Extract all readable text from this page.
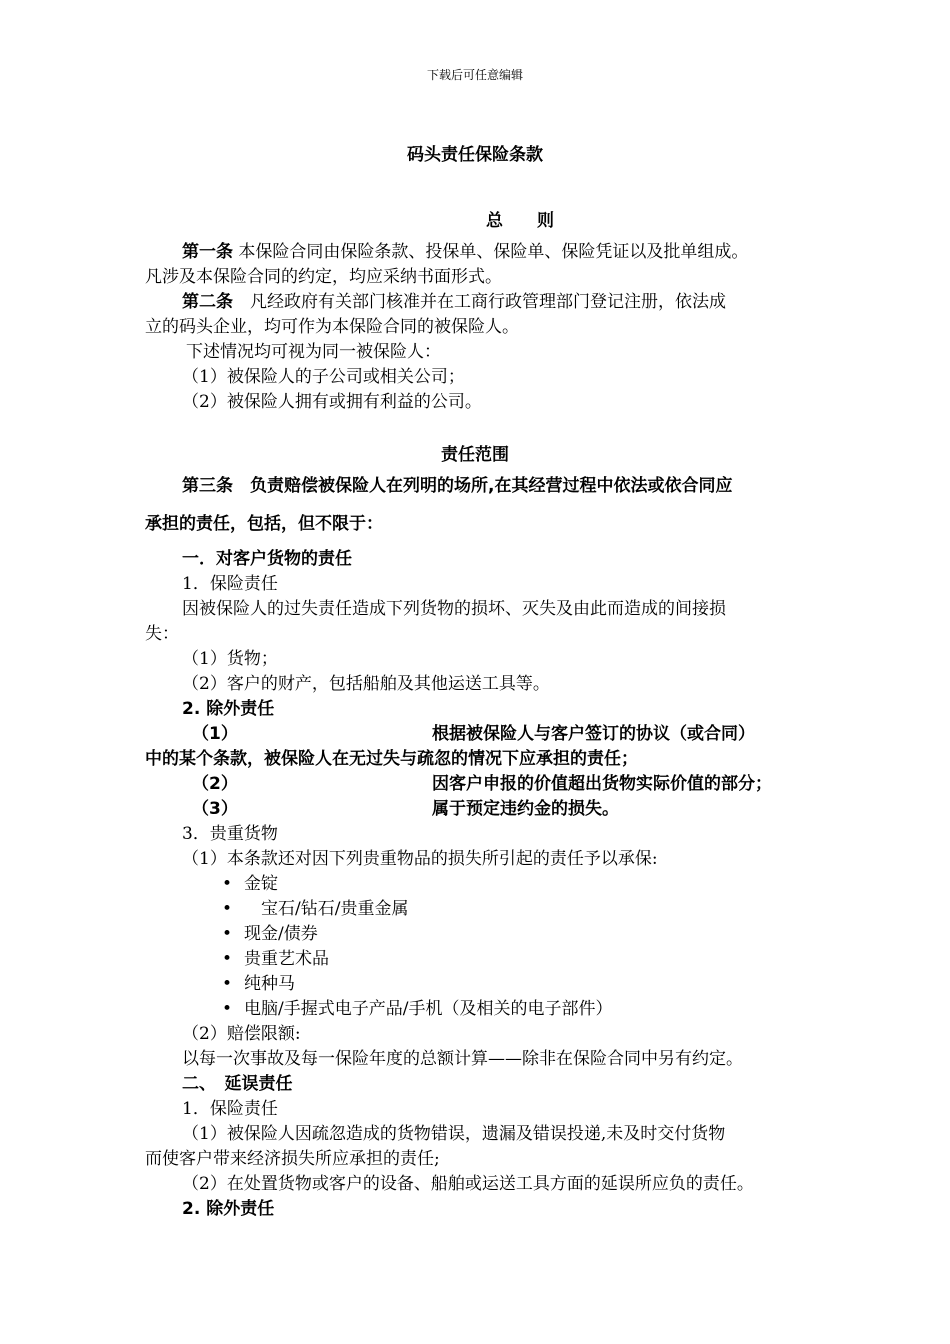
下载后可任意编辑
码头责任保险条款
总　　则
第一条 本保险合同由保险条款、投保单、保险单、保险凭证以及批单组成。
凡涉及本保险合同的约定，均应采纳书面形式。
第二条　 凡经政府有关部门核准并在工商行政管理部门登记注册，依法成
立的码头企业，均可作为本保险合同的被保险人。
下述情况均可视为同一被保险人：
（1）被保险人的子公司或相关公司；
（2）被保险人拥有或拥有利益的公司。
责任范围
第三条　负责赔偿被保险人在列明的场所,在其经营过程中依法或依合同应
承担的责任，包括，但不限于：
一．对客户货物的责任
1．保险责任
因被保险人的过失责任造成下列货物的损坏、灭失及由此而造成的间接损
失：
（1）货物；
（2）客户的财产，包括船舶及其他运送工具等。
2. 除外责任
（1）	根据被保险人与客户签订的协议（或合同）
中的某个条款，被保险人在无过失与疏忽的情况下应承担的责任；
（2）	因客户申报的价值超出货物实际价值的部分；
（3）	属于预定违约金的损失。
3．贵重货物
（1）本条款还对因下列贵重物品的损失所引起的责任予以承保:
• 金锭
•　宝石/钻石/贵重金属
• 现金/债券
• 贵重艺术品
• 纯种马
• 电脑/手握式电子产品/手机（及相关的电子部件）
（2）赔偿限额:
以每一次事故及每一保险年度的总额计算——除非在保险合同中另有约定。
二、　延误责任
1．保险责任
（1）被保险人因疏忽造成的货物错误，遗漏及错误投递,未及时交付货物
而使客户带来经济损失所应承担的责任;
（2）在处置货物或客户的设备、船舶或运送工具方面的延误所应负的责任。
2. 除外责任
